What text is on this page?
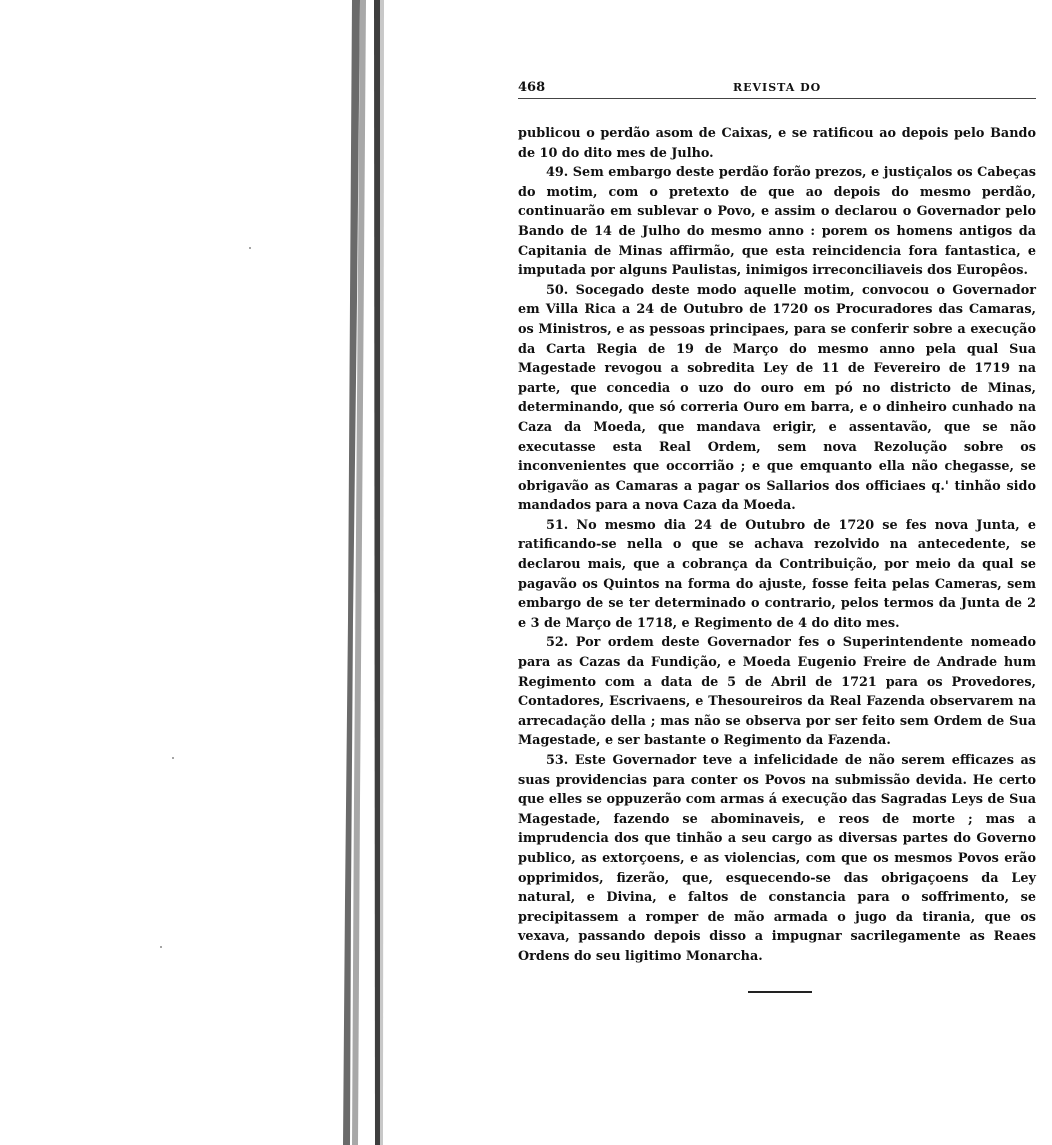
468	REVISTA DO

publicou o perdão asom de Caixas, e se ratificou ao depois pelo Bando de 10 do dito mes de Julho.

49. Sem embargo deste perdão forão prezos, e justiçalos os Cabeças do motim, com o pretexto de que ao depois do mesmo perdão, continuarão em sublevar o Povo, e assim o declarou o Governador pelo Bando de 14 de Julho do mesmo anno : porem os homens antigos da Capitania de Minas affirmão, que esta reincidencia fora fantastica, e imputada por alguns Paulistas, inimigos irreconciliaveis dos Europêos.

50. Socegado deste modo aquelle motim, convocou o Governador em Villa Rica a 24 de Outubro de 1720 os Procuradores das Camaras, os Ministros, e as pessoas principaes, para se conferir sobre a execução da Carta Regia de 19 de Março do mesmo anno pela qual Sua Magestade revogou a sobredita Ley de 11 de Fevereiro de 1719 na parte, que concedia o uzo do ouro em pó no districto de Minas, determinando, que só correria Ouro em barra, e o dinheiro cunhado na Caza da Moeda, que mandava erigir, e assentavão, que se não executasse esta Real Ordem, sem nova Rezolução sobre os inconvenientes que occorrião ; e que emquanto ella não chegasse, se obrigavão as Camaras a pagar os Sallarios dos officiaes q.' tinhão sido mandados para a nova Caza da Moeda.

51. No mesmo dia 24 de Outubro de 1720 se fes nova Junta, e ratificando-se nella o que se achava rezolvido na antecedente, se declarou mais, que a cobrança da Contribuição, por meio da qual se pagavão os Quintos na forma do ajuste, fosse feita pelas Cameras, sem embargo de se ter determinado o contrario, pelos termos da Junta de 2 e 3 de Março de 1718, e Regimento de 4 do dito mes.

52. Por ordem deste Governador fes o Superintendente nomeado para as Cazas da Fundição, e Moeda Eugenio Freire de Andrade hum Regimento com a data de 5 de Abril de 1721 para os Provedores, Contadores, Escrivaens, e Thesoureiros da Real Fazenda observarem na arrecadação della ; mas não se observa por ser feito sem Ordem de Sua Magestade, e ser bastante o Regimento da Fazenda.

53. Este Governador teve a infelicidade de não serem efficazes as suas providencias para conter os Povos na submissão devida. He certo que elles se oppuzerão com armas á execução das Sagradas Leys de Sua Magestade, fazendo se abominaveis, e reos de morte ; mas a imprudencia dos que tinhão a seu cargo as diversas partes do Governo publico, as extorçoens, e as violencias, com que os mesmos Povos erão opprimidos, fizerão, que, esquecendo-se das obrigaçoens da Ley natural, e Divina, e faltos de constancia para o soffrimento, se precipitassem a romper de mão armada o jugo da tirania, que os vexava, passando depois disso a impugnar sacrilegamente as Reaes Ordens do seu ligitimo Monarcha.
